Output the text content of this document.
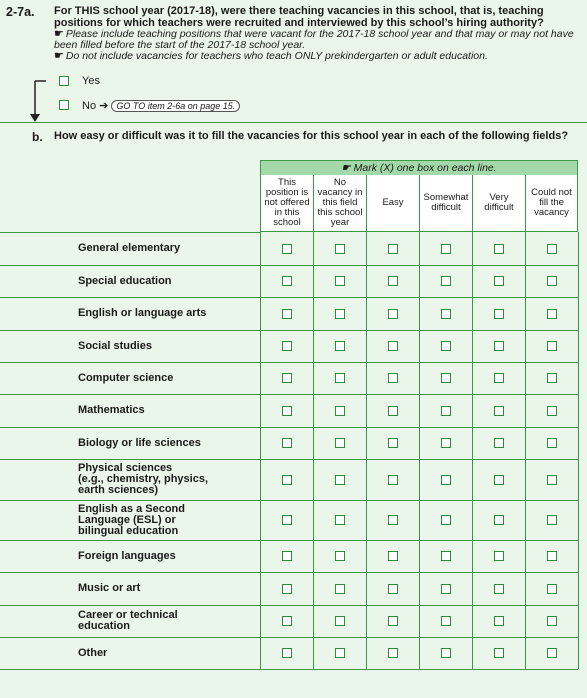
2-7a. For THIS school year (2017-18), were there teaching vacancies in this school, that is, teaching positions for which teachers were recruited and interviewed by this school’s hiring authority?
☛ Please include teaching positions that were vacant for the 2017-18 school year and that may or may not have been filled before the start of the 2017-18 school year.
☛ Do not include vacancies for teachers who teach ONLY prekindergarten or adult education.
Yes
No ➔ GO TO item 2-6a on page 15.
b. How easy or difficult was it to fill the vacancies for this school year in each of the following fields?
☛ Mark (X) one box on each line.
This
position is
not offered
in this
school
No
vacancy in
this field
this school
year
Easy Somewhat
difficult
Very
difficult
Could not
fill the
vacancy
General elementary
Special education
English or language arts
Social studies
Computer science
Mathematics
Biology or life sciences
Physical sciences
(e.g., chemistry, physics,
earth sciences)
English as a Second
Language (ESL) or
bilingual education
Foreign languages
Music or art
Career or technical
education
Other
